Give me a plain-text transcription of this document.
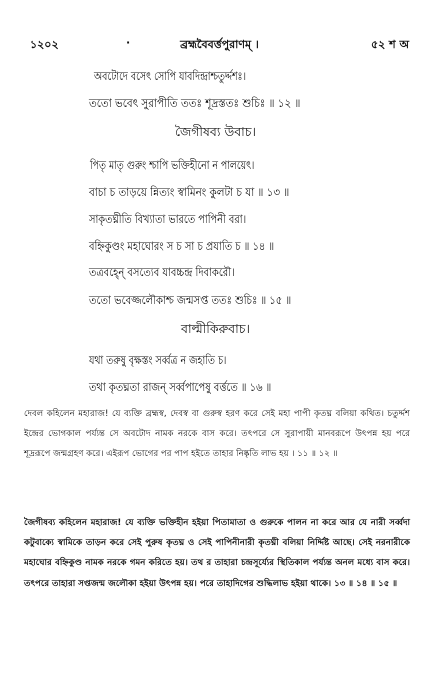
১২০২	·	ব্রহ্মবৈবর্ত্তপুরাণম্ ।	৫২ শ অ
অবটোদে বসেৎ সোপি যাবদিন্দ্রাশ্চতুর্দ্দশঃ।
ততো ভবেৎ সুরাপীতি ততঃ শূদ্রস্ততঃ শুচিঃ ॥ ১২ ॥
জৈগীষব্য উবাচ।
পিতৃ মাতৃ গুরুং শ্চাপি ভক্তিহীনো ন পালয়েৎ।
বাচা চ তাড়য়ে ন্নিত্যং স্বামিনং কুলটা চ যা ॥ ১৩ ॥
সাকৃতঘ্নীতি বিখ্যাতা ভারতে পাপিনী বরা।
বহ্নিকুণ্ডং মহাঘোরং স চ সা চ প্রযাতি চ ॥ ১৪ ॥
তত্রবহ্নে্ বসত্যেব যাবচ্চন্দ্র দিবাকরৌ।
ততো ভবেজ্জলৌকাশ্চ জন্মসপ্ত ততঃ শুচিঃ ॥ ১৫ ॥
বাল্মীকিরুবাচ।
যথা তরুষু বৃক্ষস্তং সর্ব্বত্র ন জহাতি চ।
তথা কৃতঘ্নতা রাজন্ সর্ব্বপাপেষু বর্ত্ততে ॥ ১৬ ॥
দেবল কহিলেন মহারাজ! যে ব্যক্তি ব্রহ্মস্ব, দেবস্ব বা গুরুস্ব হরণ করে সেই মহা পাপী কৃতঘ্ন বলিয়া কথিত। চতুর্দ্দশ ইন্দ্রের ভোগকাল পর্য্যন্ত সে অবটোদ নামক নরকে বাস করে। তৎপরে সে সুরাপায়ী মানবরূপে উৎপন্ন হয় পরে শূদ্ররূপে জন্মগ্রহণ করে। এইরূপ ভোগের পর পাপ হইতে তাহার নিষ্কৃতি লাভ হয় । ১১ ॥ ১২ ॥
জৈগীষব্য কহিলেন মহারাজ! যে ব্যক্তি ভক্তিহীন হইয়া পিতামাতা ও গুরুকে পালন না করে আর যে নারী সর্ব্বদা কটুবাক্যে স্বামিকে তাড়ন করে সেই পুরুষ কৃতঘ্ন ও সেই পাপিনীনারী কৃতঘ্নী বলিয়া নির্দ্দিষ্ট আছে। সেই নরনারীকে মহাঘোর বহ্নিকুণ্ড নামক নরকে গমন করিতে হয়। তথ র তাহারা চন্দ্রসূর্য্যের স্থিতিকাল পর্য্যন্ত অনল মধ্যে বাস করে। তৎপরে তাহারা সপ্তজন্ম জলৌকা হইয়া উৎপন্ন হয়। পরে তাহাদিগের শুদ্ধিলাভ হইয়া থাকে। ১৩ ॥ ১৪ ॥ ১৫ ॥
